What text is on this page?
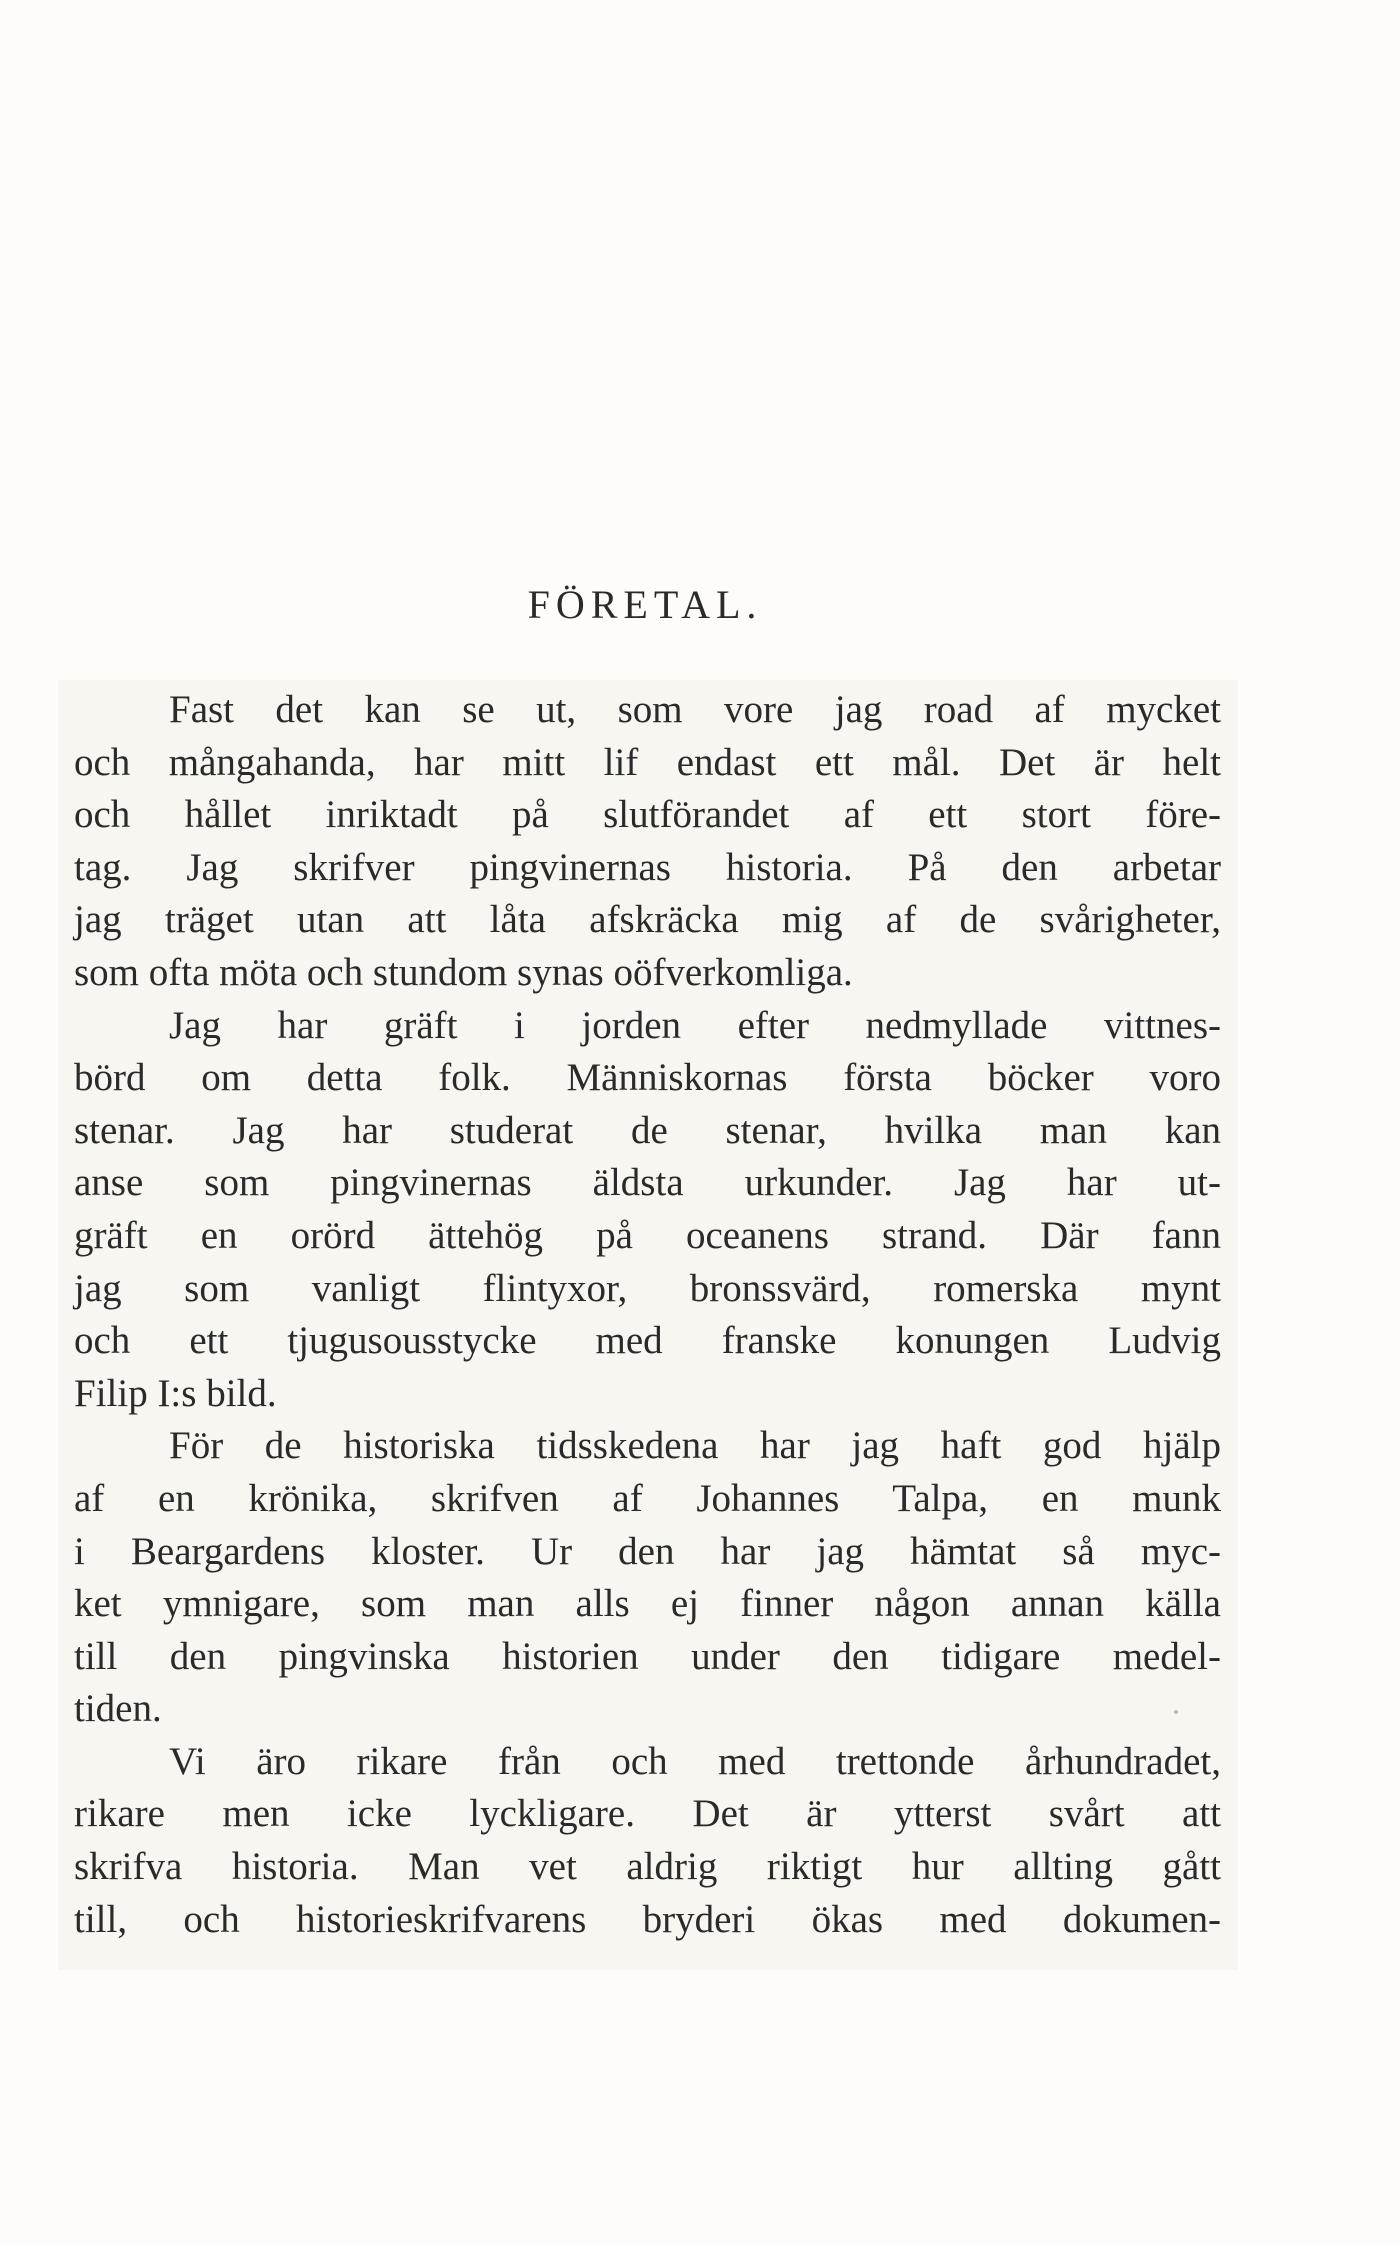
FÖRETAL.
Fast det kan se ut, som vore jag road af mycket
och mångahanda, har mitt lif endast ett mål. Det är helt
och hållet inriktadt på slutförandet af ett stort före-
tag. Jag skrifver pingvinernas historia. På den arbetar
jag träget utan att låta afskräcka mig af de svårigheter,
som ofta möta och stundom synas oöfverkomliga.
Jag har gräft i jorden efter nedmyllade vittnes-
börd om detta folk. Människornas första böcker voro
stenar. Jag har studerat de stenar, hvilka man kan
anse som pingvinernas äldsta urkunder. Jag har ut-
gräft en orörd ättehög på oceanens strand. Där fann
jag som vanligt flintyxor, bronssvärd, romerska mynt
och ett tjugusousstycke med franske konungen Ludvig
Filip I:s bild.
För de historiska tidsskedena har jag haft god hjälp
af en krönika, skrifven af Johannes Talpa, en munk
i Beargardens kloster. Ur den har jag hämtat så myc-
ket ymnigare, som man alls ej finner någon annan källa
till den pingvinska historien under den tidigare medel-
tiden.
Vi äro rikare från och med trettonde århundradet,
rikare men icke lyckligare. Det är ytterst svårt att
skrifva historia. Man vet aldrig riktigt hur allting gått
till, och historieskrifvarens bryderi ökas med dokumen-
